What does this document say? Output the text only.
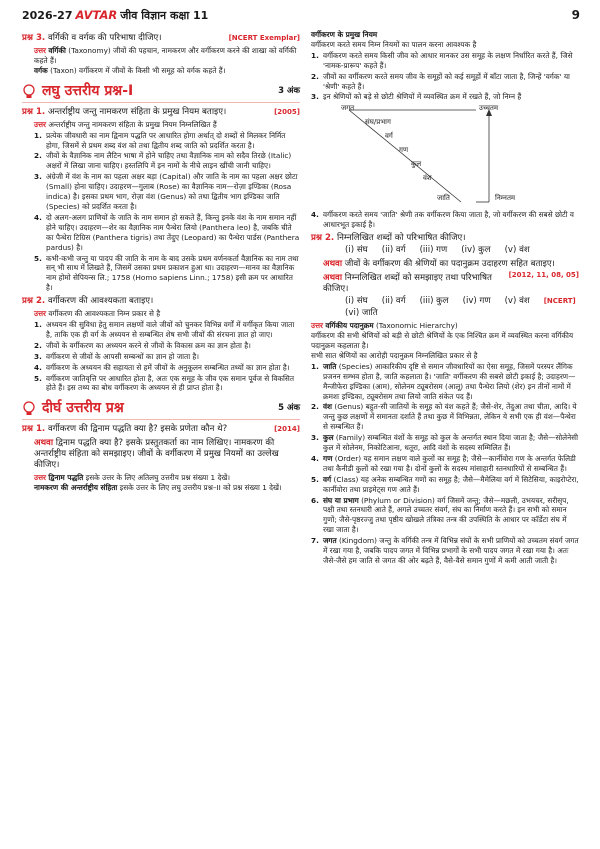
2026-27 AVTAR जीव विज्ञान
कक्षा 11	9
प्रश्न 3. वर्गिकी व वर्गक की परिभाषा दीजिए।	[NCERT Exemplar]

उत्तर वर्गिकी (Taxonomy) जीवों की पहचान, नामकरण और वर्गीकरण करने की शाखा को वर्गिकी कहते हैं।

वर्गक (Taxon) वर्गीकरण में जीवों के किसी भी समूह को वर्गक कहते हैं।

लघु उत्तरीय प्रश्न-I	3 अंक
प्रश्न 1. अन्तर्राष्ट्रीय जन्तु नामकरण संहिता के प्रमुख नियम बताइए।	[2005]

उत्तर अन्तर्राष्ट्रीय जन्तु नामकरण संहिता के प्रमुख नियम निम्नलिखित हैं

1. प्रत्येक जीवधारी का नाम द्विनाम पद्धति पर आधारित होगा अर्थात् दो शब्दों से मिलकर निर्मित होगा, जिसमें से प्रथम शब्द वंश को तथा द्वितीय शब्द जाति को प्रदर्शित करता है।
2. जीवों के वैज्ञानिक नाम लैटिन भाषा में होने चाहिए तथा वैज्ञानिक नाम को सदैव तिरछे (Italic) अक्षरों में लिखा जाना चाहिए। हस्तलिपि में इन नामों के नीचे लाइन खींची जानी चाहिए।
3. अंग्रेजी में वंश के नाम का पहला अक्षर बड़ा (Capital) और जाति के नाम का पहला अक्षर छोटा (Small) होना चाहिए। उदाहरण—गुलाब (Rose) का वैज्ञानिक नाम—रोज़ा इण्डिका (Rosa indica) है। इसका प्रथम भाग, रोज़ा वंश (Genus) को तथा द्वितीय भाग इण्डिका जाति (Species) को प्रदर्शित करता है।
4. दो अलग-अलग प्राणियों के जाति के नाम समान हो सकते हैं, किन्तु इनके वंश के नाम समान नहीं होने चाहिए। उदाहरण—शेर का वैज्ञानिक नाम पैन्थेरा लियो (Panthera leo) है, जबकि चीते का पैन्थेरा टिग्रिस (Panthera tigris) तथा तेंदुए (Leopard) का पैन्थेरा पार्डस (Panthera pardus) है।
5. कभी-कभी जन्तु या पादप की जाति के नाम के बाद उसके प्रथम वर्णनकर्ता वैज्ञानिक का नाम तथा सन् भी साथ में लिखते हैं, जिसमें उसका प्रथम प्रकाशन हुआ था। उदाहरण—मानव का वैज्ञानिक नाम होमो सेपियन्स लि.; 1758 (Homo sapiens Linn.; 1758) इसी क्रम पर आधारित है।
प्रश्न 2. वर्गीकरण की आवश्यकता बताइए।

उत्तर वर्गीकरण की आवश्यकता निम्न प्रकार से है

1. अध्ययन की सुविधा हेतु समान लक्षणों वाले जीवों को चुनकर विभिन्न वर्गों में वर्गीकृत किया जाता है, ताकि एक ही वर्ग के अध्ययन से सम्बन्धित शेष सभी जीवों की संरचना ज्ञात हो जाए।
2. जीवों के वर्गीकरण का अध्ययन करने से जीवों के विकास क्रम का ज्ञान होता है।
3. वर्गीकरण से जीवों के आपसी सम्बन्धों का ज्ञान हो जाता है।
4. वर्गीकरण के अध्ययन की सहायता से हमें जीवों के अनुकूलन सम्बन्धित तथ्यों का ज्ञान होता है।
5. वर्गीकरण जातिवृत्ति पर आधारित होता है, अतः एक समूह के जीव एक समान पूर्वज से विकसित होते हैं। इस तथ्य का बोध वर्गीकरण के अध्ययन से ही प्राप्त होता है।
दीर्घ उत्तरीय प्रश्न	5 अंक
प्रश्न 1. वर्गीकरण की द्विनाम पद्धति क्या है? इसके प्रणेता कौन थे?	[2014]
अथवा द्विनाम पद्धति क्या है? इसके प्रस्तुतकर्ता का नाम लिखिए। नामकरण की अन्तर्राष्ट्रीय संहिता को समझाइए। जीवों के वर्गीकरण में प्रमुख नियमों का उल्लेख कीजिए।

उत्तर द्विनाम पद्धति इसके उत्तर के लिए अतिलघु उत्तरीय प्रश्न संख्या 1 देखें।

नामकरण की अन्तर्राष्ट्रीय संहिता इसके उत्तर के लिए लघु उत्तरीय प्रश्न–II को प्रश्न संख्या 1 देखें।

वर्गीकरण के प्रमुख नियम

वर्गीकरण करते समय निम्न नियमों का पालन करना आवश्यक है

1. वर्गीकरण करते समय किसी जीव को आधार मानकर उस समूह के लक्षण निर्धारित करते हैं, जिसे 'नामक-प्रारूप' कहते हैं।
2. जीवों का वर्गीकरण करते समय जीव के समूहों को कई समूहों में बाँटा जाता है, जिन्हें 'वर्गक' या 'श्रेणी' कहते हैं।
3. इन श्रेणियों को बड़े से छोटी श्रेणियों में व्यवस्थित क्रम में रखते हैं, जो निम्न हैं
जगत	उच्चतम
संघ/प्रभाग
वर्ग
गण
कुल
वंश
जाति	निम्नतम
4. वर्गीकरण करते समय 'जाति' श्रेणी तक वर्गीकरण किया जाता है, जो वर्गीकरण की सबसे छोटी व आधारभूत इकाई है।
प्रश्न 2. निम्नलिखित शब्दों को परिभाषित कीजिए।
(i) संघ (ii) वर्ग (iii) गण (iv) कुल (v) वंश
अथवा जीवों के वर्गीकरण की श्रेणियों का पदानुक्रम उदाहरण सहित बताइए।
[2012, 11, 08, 05]
अथवा निम्नलिखित शब्दों को समझाइए तथा परिभाषित कीजिए।
(i) संघ (ii) वर्ग (iii) कुल (iv) गण (v) वंश [NCERT]
(vi) जाति

उत्तर वर्गिकीय पदानुक्रम (Taxonomic Hierarchy)

वर्गीकरण की सभी श्रेणियों को बड़ी से छोटी श्रेणियों के एक निश्चित क्रम में व्यवस्थित करना वर्गिकीय पदानुक्रम कहलाता है।

सभी सात श्रेणियों का आरोही पदानुक्रम निम्नलिखित प्रकार से है

1. जाति (Species) आकारिकीय दृष्टि से समान जीवधारियों का ऐसा समूह, जिसमें परस्पर लैंगिक प्रजनन सम्भव होता है, जाति कहलाता है। 'जाति' वर्गीकरण की सबसे छोटी इकाई है; उदाहरण—मैन्जीफेरा इण्डिका (आम), सोलेनम ट्यूबरोसम (आलू) तथा पैन्थेरा लियो (शेर) इन तीनों नामों में क्रमशः इण्डिका, ट्यूबरोसम तथा लियो जाति संकेत पद हैं।
2. वंश (Genus) बहुत-सी जातियों के समूह को वंश कहते हैं; जैसे-शेर, तेंदुआ तथा चीता, आदि। ये जन्तु कुछ लक्षणों में समानता दर्शाते हैं तथा कुछ में विभिन्नता, लेकिन ये सभी एक ही वंश—पैन्थेरा से सम्बन्धित हैं।
3. कुल (Family) सम्बन्धित वंशों के समूह को कुल के अन्तर्गत स्थान दिया जाता है; जैसे—सोलेनेसी कुल में सोलेनम, निकोटिआना, धतूरा, आदि वंशों के सदस्य सम्मिलित हैं।
4. गण (Order) यह समान लक्षण वाले कुलों का समूह है; जैसे—कार्नीवोरा गण के अन्तर्गत फेलिडी तथा कैनीडी कुलों को रखा गया है। दोनों कुलों के सदस्य मांसाहारी स्तनधारियों से सम्बन्धित हैं।
5. वर्ग (Class) यह अनेक सम्बन्धित गणों का समूह है; जैसे—मैमेलिया वर्ग में सिटेसिया, काइरोप्टेरा, कार्नीवोरा तथा प्राइमेट्स गण आते हैं।
6. संघ या प्रभाग (Phylum or Division) वर्ग जिसमें जन्तु; जैसे—मछली, उभयचर, सरीसृप, पक्षी तथा स्तनधारी आते हैं, अगले उच्चतर संवर्ग, संघ का निर्माण करते हैं। इन सभी को समान गुणों; जैसे-पृष्ठरज्जु तथा पृष्ठीय खोखले तंत्रिका तन्त्र की उपस्थिति के आधार पर कॉर्डेटा संघ में रखा जाता है।
7. जगत (Kingdom) जन्तु के वर्गिकी तन्त्र में विभिन्न संघों के सभी प्राणियों को उच्चतम संवर्ग जगत में रखा गया है, जबकि पादप जगत में विभिन्न प्रभागों के सभी पादप जगत में रखा गया है। अतः जैसे-जैसे हम जाति से जगत की ओर बढ़ते हैं, वैसे-वैसे समान गुणों में कमी आती जाती है।
